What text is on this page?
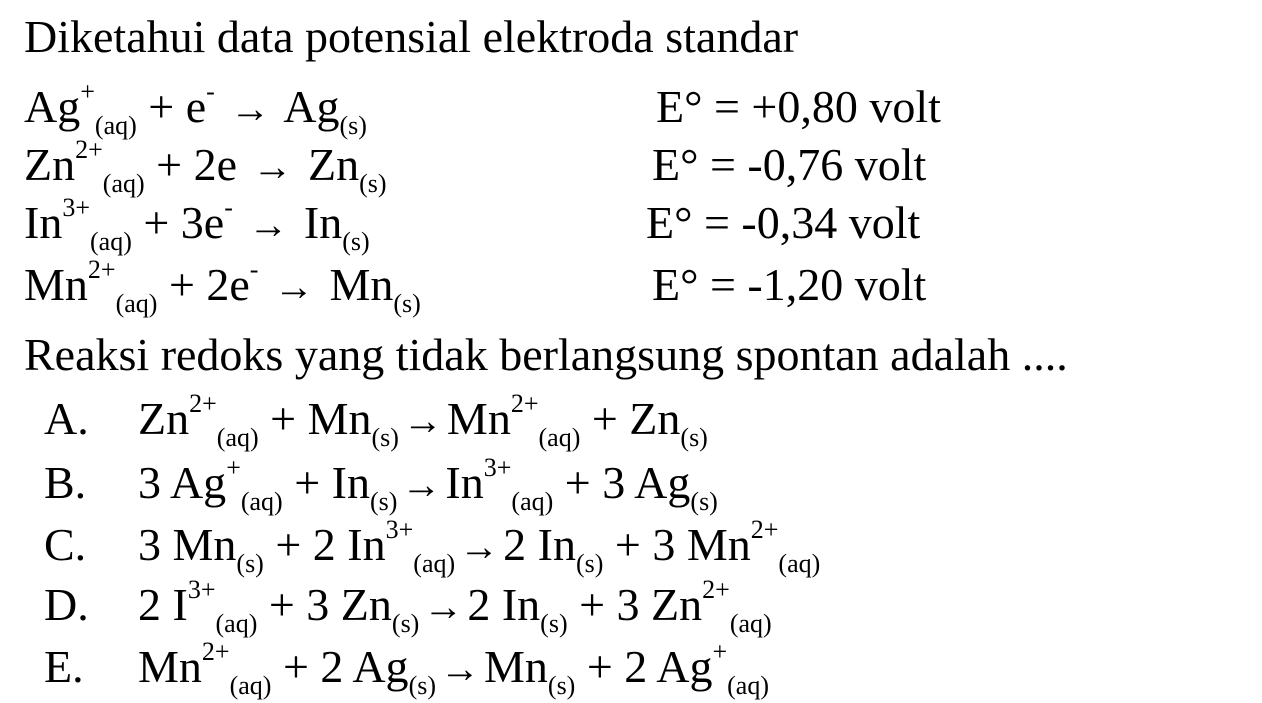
Diketahui data potensial elektroda standar
$Ag^+_{(aq)} + e^- \to Ag_{(s)}$	E° = +0,80 volt
$Zn^{2+}_{(aq)} + 2e \to Zn_{(s)}$	E° = -0,76 volt
$In^{3+}_{(aq)} + 3e^- \to In_{(s)}$	E° = -0,34 volt
$Mn^{2+}_{(aq)} + 2e^- \to Mn_{(s)}$	E° = -1,20 volt
Reaksi redoks yang tidak berlangsung spontan adalah ....
A. $Zn^{2+}_{(aq)} + Mn_{(s)} \to Mn^{2+}_{(aq)} + Zn_{(s)}$
B. 3 $Ag^+_{(aq)} + In_{(s)} \to In^{3+}_{(aq)} + 3$ $Ag_{(s)}$
C. 3 $Mn_{(s)} + 2$ $In^{3+}_{(aq)} \to 2$ $In_{(s)} + 3$ $Mn^{2+}_{(aq)}$
D. 2 $I^{3+}_{(aq)} + 3$ $Zn_{(s)} \to 2$ $In_{(s)} + 3$ $Zn^{2+}_{(aq)}$
E. $Mn^{2+}_{(aq)} + 2$ $Ag_{(s)} \to Mn_{(s)} + 2$ $Ag^+_{(aq)}$
